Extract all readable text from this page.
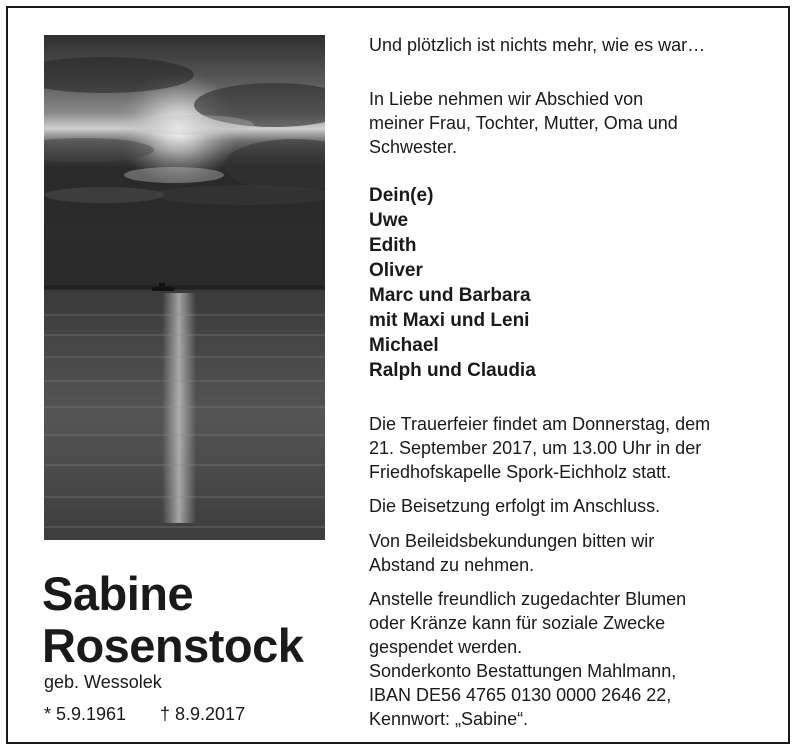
Sabine
Rosenstock
geb. Wessolek
* 5.9.1961 † 8.9.2017

Und plötzlich ist nichts mehr, wie es war…

In Liebe nehmen wir Abschied von
meiner Frau, Tochter, Mutter, Oma und
Schwester.

Dein(e)
Uwe
Edith
Oliver
Marc und Barbara
mit Maxi und Leni
Michael
Ralph und Claudia

Die Trauerfeier findet am Donnerstag, dem
21. September 2017, um 13.00 Uhr in der
Friedhofskapelle Spork-Eichholz statt.

Die Beisetzung erfolgt im Anschluss.

Von Beileidsbekundungen bitten wir
Abstand zu nehmen.

Anstelle freundlich zugedachter Blumen
oder Kränze kann für soziale Zwecke
gespendet werden.
Sonderkonto Bestattungen Mahlmann,
IBAN DE56 4765 0130 0000 2646 22,
Kennwort: „Sabine“.
